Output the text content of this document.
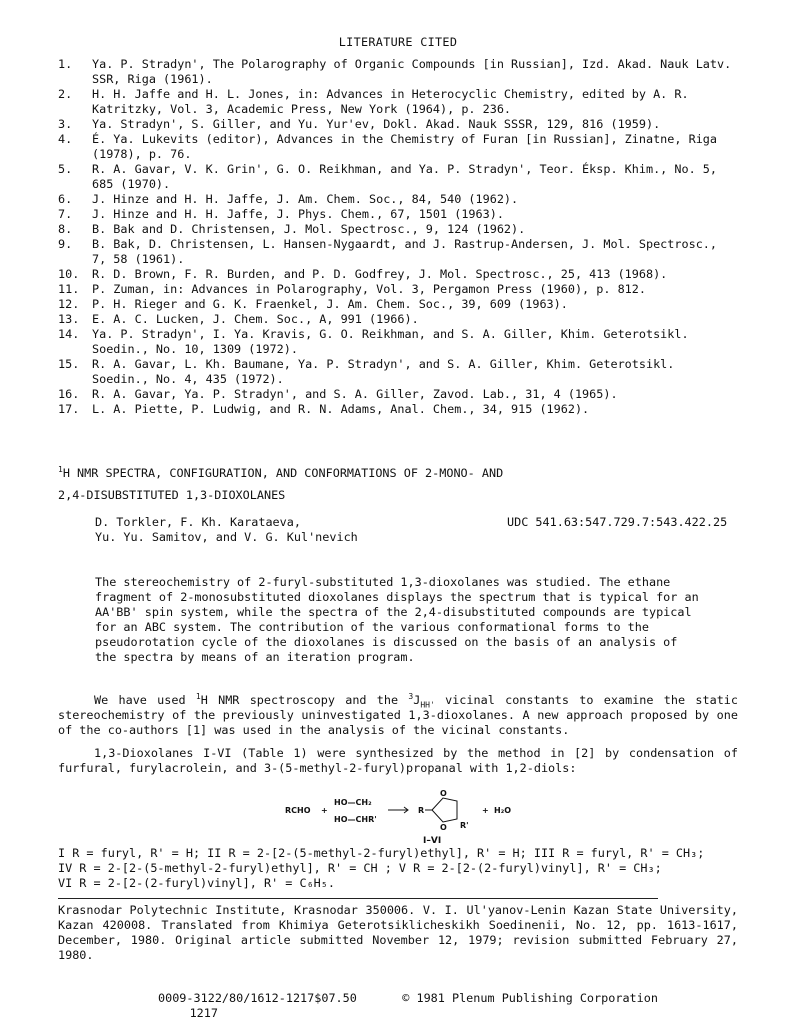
LITERATURE CITED
1.	Ya. P. Stradyn', The Polarography of Organic Compounds [in Russian], Izd. Akad. Nauk Latv. SSR, Riga (1961).
2.	H. H. Jaffe and H. L. Jones, in: Advances in Heterocyclic Chemistry, edited by A. R. Katritzky, Vol. 3, Academic Press, New York (1964), p. 236.
3.	Ya. Stradyn', S. Giller, and Yu. Yur'ev, Dokl. Akad. Nauk SSSR, 129, 816 (1959).
4.	É. Ya. Lukevits (editor), Advances in the Chemistry of Furan [in Russian], Zinatne, Riga (1978), p. 76.
5.	R. A. Gavar, V. K. Grin', G. O. Reikhman, and Ya. P. Stradyn', Teor. Éksp. Khim., No. 5, 685 (1970).
6.	J. Hinze and H. H. Jaffe, J. Am. Chem. Soc., 84, 540 (1962).
7.	J. Hinze and H. H. Jaffe, J. Phys. Chem., 67, 1501 (1963).
8.	B. Bak and D. Christensen, J. Mol. Spectrosc., 9, 124 (1962).
9.	B. Bak, D. Christensen, L. Hansen-Nygaardt, and J. Rastrup-Andersen, J. Mol. Spectrosc., 7, 58 (1961).
10.	R. D. Brown, F. R. Burden, and P. D. Godfrey, J. Mol. Spectrosc., 25, 413 (1968).
11.	P. Zuman, in: Advances in Polarography, Vol. 3, Pergamon Press (1960), p. 812.
12.	P. H. Rieger and G. K. Fraenkel, J. Am. Chem. Soc., 39, 609 (1963).
13.	E. A. C. Lucken, J. Chem. Soc., A, 991 (1966).
14.	Ya. P. Stradyn', I. Ya. Kravis, G. O. Reikhman, and S. A. Giller, Khim. Geterotsikl. Soedin., No. 10, 1309 (1972).
15.	R. A. Gavar, L. Kh. Baumane, Ya. P. Stradyn', and S. A. Giller, Khim. Geterotsikl. Soedin., No. 4, 435 (1972).
16.	R. A. Gavar, Ya. P. Stradyn', and S. A. Giller, Zavod. Lab., 31, 4 (1965).
17.	L. A. Piette, P. Ludwig, and R. N. Adams, Anal. Chem., 34, 915 (1962).
$^1$H NMR SPECTRA, CONFIGURATION, AND CONFORMATIONS OF 2-MONO- AND
2,4-DISUBSTITUTED 1,3-DIOXOLANES
D. Torkler, F. Kh. Karataeva,
Yu. Yu. Samitov, and V. G. Kul'nevich
UDC 541.63:547.729.7:543.422.25
The stereochemistry of 2-furyl-substituted 1,3-dioxolanes was studied. The ethane fragment of 2-monosubstituted dioxolanes displays the spectrum that is typical for an AA'BB' spin system, while the spectra of the 2,4-disubstituted compounds are typical for an ABC system. The contribution of the various conformational forms to the pseudorotation cycle of the dioxolanes is discussed on the basis of an analysis of the spectra by means of an iteration program.
We have used $^1$H NMR spectroscopy and the $^3J_{HH'}$ vicinal constants to examine the static stereochemistry of the previously uninvestigated 1,3-dioxolanes. A new approach proposed by one of the co-authors [1] was used in the analysis of the vicinal constants.
1,3-Dioxolanes I-VI (Table 1) were synthesized by the method in [2] by condensation of furfural, furylacrolein, and 3-(5-methyl-2-furyl)propanal with 1,2-diols:
RCHO +
HO—CH₂
HO—CHR'
R
O
O R'
+ H₂O
I–VI
I R = furyl, R' = H; II R = 2-[2-(5-methyl-2-furyl)ethyl], R' = H; III R = furyl, R' = CH₃;
IV R = 2-[2-(5-methyl-2-furyl)ethyl], R' = CH ; V R = 2-[2-(2-furyl)vinyl], R' = CH₃;
VI R = 2-[2-(2-furyl)vinyl], R' = C₆H₅.
Krasnodar Polytechnic Institute, Krasnodar 350006. V. I. Ul'yanov-Lenin Kazan State University, Kazan 420008. Translated from Khimiya Geterotsiklicheskikh Soedinenii, No. 12, pp. 1613-1617, December, 1980. Original article submitted November 12, 1979; revision submitted February 27, 1980.
0009-3122/80/1612-1217$07.50	© 1981 Plenum Publishing Corporation 1217
